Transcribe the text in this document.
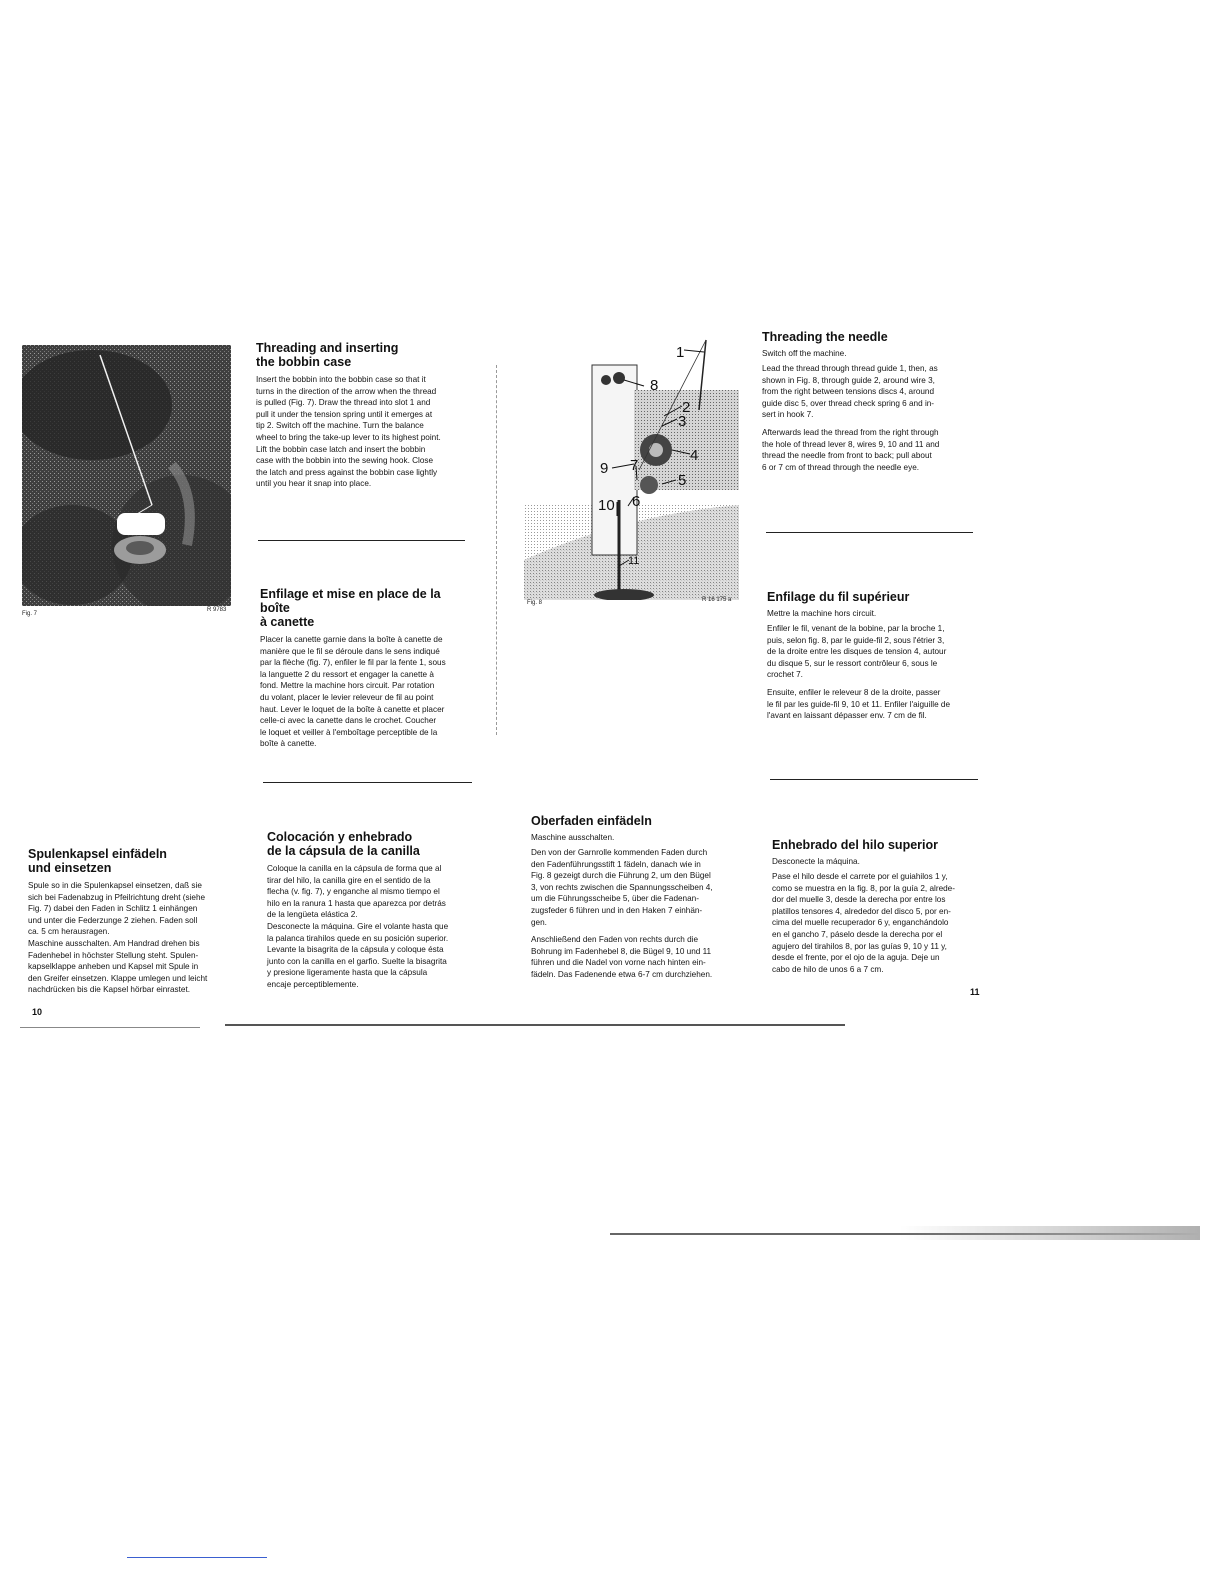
Fig. 7
R 9783
Threading and inserting
the bobbin case

Insert the bobbin into the bobbin case so that it
turns in the direction of the arrow when the thread
is pulled (Fig. 7). Draw the thread into slot 1 and
pull it under the tension spring until it emerges at
tip 2. Switch off the machine. Turn the balance
wheel to bring the take-up lever to its highest point.
Lift the bobbin case latch and insert the bobbin
case with the bobbin into the sewing hook. Close
the latch and press against the bobbin case lightly
until you hear it snap into place.

Enfilage et mise en place de la boîte
à canette

Placer la canette garnie dans la boîte à canette de
manière que le fil se déroule dans le sens indiqué
par la flèche (fig. 7), enfiler le fil par la fente 1, sous
la languette 2 du ressort et engager la canette à
fond. Mettre la machine hors circuit. Par rotation
du volant, placer le levier releveur de fil au point
haut. Lever le loquet de la boîte à canette et placer
celle-ci avec la canette dans le crochet. Coucher
le loquet et veiller à l'emboîtage perceptible de la
boîte à canette.

Spulenkapsel einfädeln
und einsetzen

Spule so in die Spulenkapsel einsetzen, daß sie
sich bei Fadenabzug in Pfeilrichtung dreht (siehe
Fig. 7) dabei den Faden in Schlitz 1 einhängen
und unter die Federzunge 2 ziehen. Faden soll
ca. 5 cm herausragen.
Maschine ausschalten. Am Handrad drehen bis
Fadenhebel in höchster Stellung steht. Spulen-
kapselklappe anheben und Kapsel mit Spule in
den Greifer einsetzen. Klappe umlegen und leicht
nachdrücken bis die Kapsel hörbar einrastet.

Colocación y enhebrado
de la cápsula de la canilla

Coloque la canilla en la cápsula de forma que al
tirar del hilo, la canilla gire en el sentido de la
flecha (v. fig. 7), y enganche al mismo tiempo el
hilo en la ranura 1 hasta que aparezca por detrás
de la lengüeta elástica 2.
Desconecte la máquina. Gire el volante hasta que
la palanca tirahilos quede en su posición superior.
Levante la bisagrita de la cápsula y coloque ésta
junto con la canilla en el garfio. Suelte la bisagrita
y presione ligeramente hasta que la cápsula
encaje perceptiblemente.

10
1
8
2
3
4
9 7
5
10 6
11
Fig. 8	R 16 175 a
Threading the needle

Switch off the machine.

Lead the thread through thread guide 1, then, as
shown in Fig. 8, through guide 2, around wire 3,
from the right between tensions discs 4, around
guide disc 5, over thread check spring 6 and in-
sert in hook 7.

Afterwards lead the thread from the right through
the hole of thread lever 8, wires 9, 10 and 11 and
thread the needle from front to back; pull about
6 or 7 cm of thread through the needle eye.

Enfilage du fil supérieur

Mettre la machine hors circuit.

Enfiler le fil, venant de la bobine, par la broche 1,
puis, selon fig. 8, par le guide-fil 2, sous l'étrier 3,
de la droite entre les disques de tension 4, autour
du disque 5, sur le ressort contrôleur 6, sous le
crochet 7.

Ensuite, enfiler le releveur 8 de la droite, passer
le fil par les guide-fil 9, 10 et 11. Enfiler l'aiguille de
l'avant en laissant dépasser env. 7 cm de fil.

Oberfaden einfädeln

Maschine ausschalten.

Den von der Garnrolle kommenden Faden durch
den Fadenführungsstift 1 fädeln, danach wie in
Fig. 8 gezeigt durch die Führung 2, um den Bügel
3, von rechts zwischen die Spannungsscheiben 4,
um die Führungsscheibe 5, über die Fadenan-
zugsfeder 6 führen und in den Haken 7 einhän-
gen.

Anschließend den Faden von rechts durch die
Bohrung im Fadenhebel 8, die Bügel 9, 10 und 11
führen und die Nadel von vorne nach hinten ein-
fädeln. Das Fadenende etwa 6-7 cm durchziehen.

Enhebrado del hilo superior

Desconecte la máquina.

Pase el hilo desde el carrete por el guiahilos 1 y,
como se muestra en la fig. 8, por la guía 2, alrede-
dor del muelle 3, desde la derecha por entre los
platillos tensores 4, alrededor del disco 5, por en-
cima del muelle recuperador 6 y, enganchándolo
en el gancho 7, páselo desde la derecha por el
agujero del tirahilos 8, por las guías 9, 10 y 11 y,
desde el frente, por el ojo de la aguja. Deje un
cabo de hilo de unos 6 a 7 cm.

11
